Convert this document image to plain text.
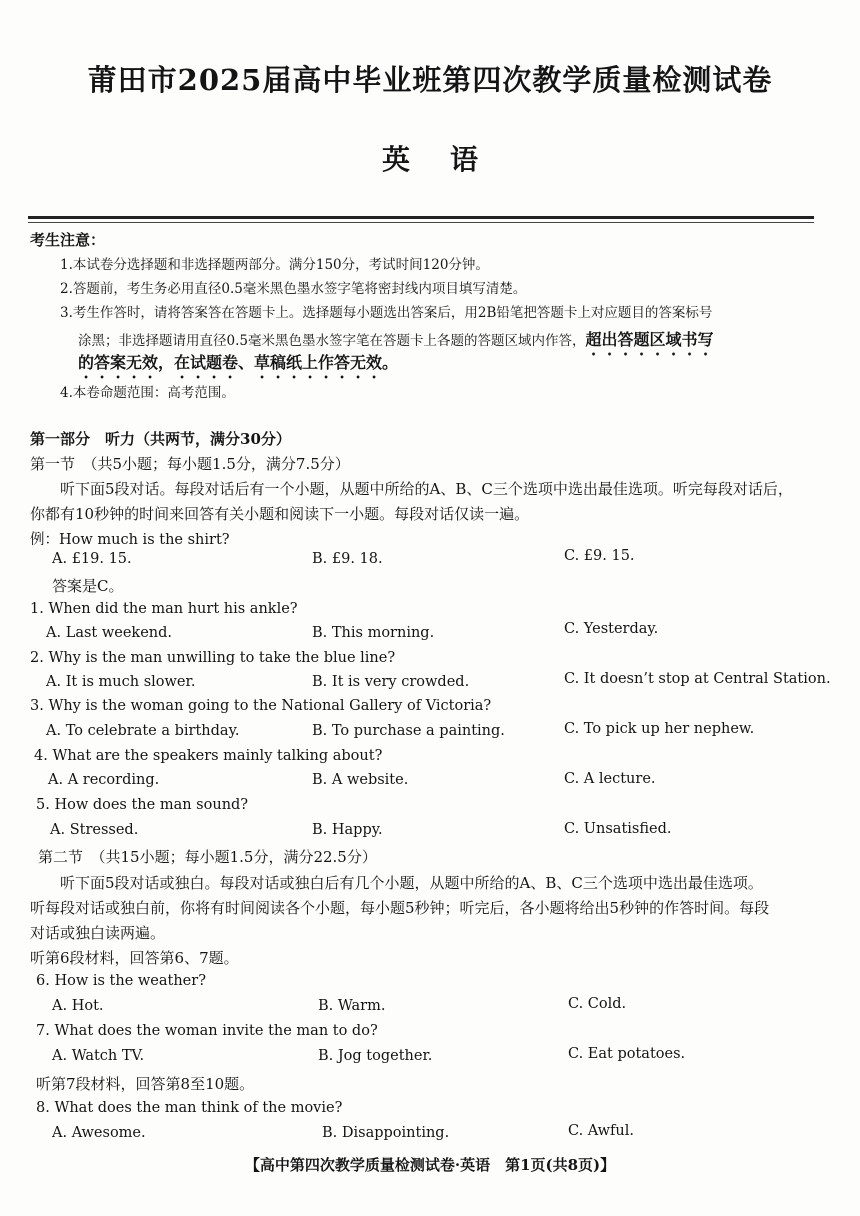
莆田市2025届高中毕业班第四次教学质量检测试卷
英语
考生注意：
1.本试卷分选择题和非选择题两部分。满分150分，考试时间120分钟。
2.答题前，考生务必用直径0.5毫米黑色墨水签字笔将密封线内项目填写清楚。
3.考生作答时，请将答案答在答题卡上。选择题每小题选出答案后，用2B铅笔把答题卡上对应题目的答案标号
涂黑；非选择题请用直径0.5毫米黑色墨水签字笔在答题卡上各题的答题区域内作答，超出答题区域书写
的答案无效，在试题卷、草稿纸上作答无效。
4.本卷命题范围：高考范围。
第一部分　听力（共两节，满分30分）
第一节　（共5小题；每小题1.5分，满分7.5分）
听下面5段对话。每段对话后有一个小题，从题中所给的A、B、C三个选项中选出最佳选项。听完每段对话后，
你都有10秒钟的时间来回答有关小题和阅读下一小题。每段对话仅读一遍。
例：How much is the shirt?
A. £19. 15.	B. £9. 18.	C. £9. 15.
答案是C。
1. When did the man hurt his ankle?
A. Last weekend.	B. This morning.	C. Yesterday.
2. Why is the man unwilling to take the blue line?
A. It is much slower.	B. It is very crowded.	C. It doesn’t stop at Central Station.
3. Why is the woman going to the National Gallery of Victoria?
A. To celebrate a birthday.	B. To purchase a painting.	C. To pick up her nephew.
4. What are the speakers mainly talking about?
A. A recording.	B. A website.	C. A lecture.
5. How does the man sound?
A. Stressed.	B. Happy.	C. Unsatisfied.
第二节　（共15小题；每小题1.5分，满分22.5分）
听下面5段对话或独白。每段对话或独白后有几个小题，从题中所给的A、B、C三个选项中选出最佳选项。
听每段对话或独白前，你将有时间阅读各个小题，每小题5秒钟；听完后，各小题将给出5秒钟的作答时间。每段
对话或独白读两遍。
听第6段材料，回答第6、7题。
6. How is the weather?
A. Hot.	B. Warm.	C. Cold.
7. What does the woman invite the man to do?
A. Watch TV.	B. Jog together.	C. Eat potatoes.
听第7段材料，回答第8至10题。
8. What does the man think of the movie?
A. Awesome.	B. Disappointing.	C. Awful.
【高中第四次教学质量检测试卷·英语　第1页(共8页)】
